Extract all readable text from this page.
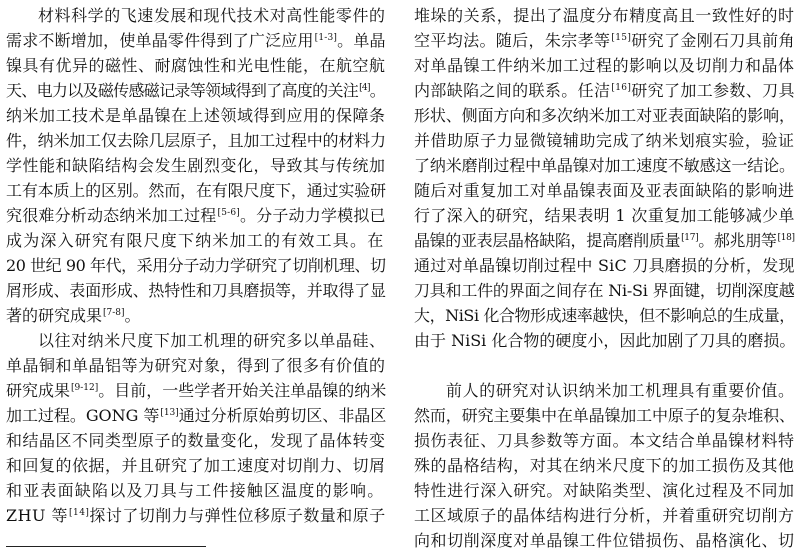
材料科学的飞速发展和现代技术对高性能零件的
需求不断增加，使单晶零件得到了广泛应用[1-3]。单晶
镍具有优异的磁性、耐腐蚀性和光电性能，在航空航
天、电力以及磁传感磁记录等领域得到了高度的关注[4]。
纳米加工技术是单晶镍在上述领域得到应用的保障条
件，纳米加工仅去除几层原子，且加工过程中的材料力
学性能和缺陷结构会发生剧烈变化，导致其与传统加
工有本质上的区别。然而，在有限尺度下，通过实验研
究很难分析动态纳米加工过程[5-6]。分子动力学模拟已
成为深入研究有限尺度下纳米加工的有效工具。在
20 世纪 90 年代，采用分子动力学研究了切削机理、切
屑形成、表面形成、热特性和刀具磨损等，并取得了显
著的研究成果[7-8]。
以往对纳米尺度下加工机理的研究多以单晶硅、
单晶铜和单晶铝等为研究对象，得到了很多有价值的
研究成果[9-12]。目前，一些学者开始关注单晶镍的纳米
加工过程。GONG 等[13]通过分析原始剪切区、非晶区
和结晶区不同类型原子的数量变化，发现了晶体转变
和回复的依据，并且研究了加工速度对切削力、切屑
和亚表面缺陷以及刀具与工件接触区温度的影响。
ZHU 等[14]探讨了切削力与弹性位移原子数量和原子
堆垛的关系，提出了温度分布精度高且一致性好的时
空平均法。随后，朱宗孝等[15]研究了金刚石刀具前角
对单晶镍工件纳米加工过程的影响以及切削力和晶体
内部缺陷之间的联系。任洁[16]研究了加工参数、刀具
形状、侧面方向和多次纳米加工对亚表面缺陷的影响，
并借助原子力显微镜辅助完成了纳米划痕实验，验证
了纳米磨削过程中单晶镍对加工速度不敏感这一结论。
随后对重复加工对单晶镍表面及亚表面缺陷的影响进
行了深入的研究，结果表明 1 次重复加工能够减少单
晶镍的亚表层晶格缺陷，提高磨削质量[17]。郝兆朋等[18]
通过对单晶镍切削过程中 SiC 刀具磨损的分析，发现
刀具和工件的界面之间存在 Ni-Si 界面键，切削深度越
大，NiSi 化合物形成速率越快，但不影响总的生成量，
由于 NiSi 化合物的硬度小，因此加剧了刀具的磨损。
前人的研究对认识纳米加工机理具有重要价值。
然而，研究主要集中在单晶镍加工中原子的复杂堆积、
损伤表征、刀具参数等方面。本文结合单晶镍材料特
殊的晶格结构，对其在纳米尺度下的加工损伤及其他
特性进行深入研究。对缺陷类型、演化过程及不同加
工区域原子的晶体结构进行分析，并着重研究切削方
向和切削深度对单晶镍工件位错损伤、晶格演化、切
